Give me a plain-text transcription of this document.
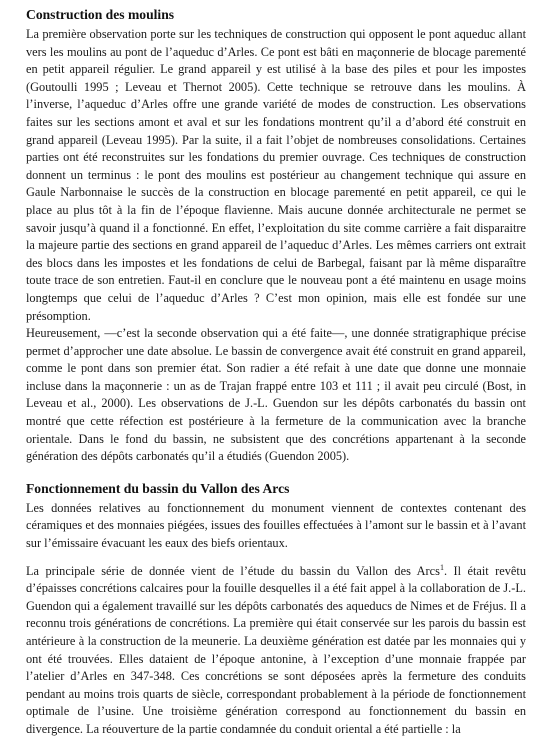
Construction des moulins

La première observation porte sur les techniques de construction qui opposent le pont aqueduc allant vers les moulins au pont de l’aqueduc d’Arles. Ce pont est bâti en maçonnerie de blocage parementé en petit appareil régulier. Le grand appareil y est utilisé à la base des piles et pour les impostes (Goutoulli 1995 ; Leveau et Thernot 2005). Cette technique se retrouve dans les moulins. À l’inverse, l’aqueduc d’Arles offre une grande variété de modes de construction. Les observations faites sur les sections amont et aval et sur les fondations montrent qu’il a d’abord été construit en grand appareil (Leveau 1995). Par la suite, il a fait l’objet de nombreuses consolidations. Certaines parties ont été reconstruites sur les fondations du premier ouvrage. Ces techniques de construction donnent un terminus : le pont des moulins est postérieur au changement technique qui assure en Gaule Narbonnaise le succès de la construction en blocage parementé en petit appareil, ce qui le place au plus tôt à la fin de l’époque flavienne. Mais aucune donnée architecturale ne permet se savoir jusqu’à quand il a fonctionné. En effet, l’exploitation du site comme carrière a fait disparaitre la majeure partie des sections en grand appareil de l’aqueduc d’Arles. Les mêmes carriers ont extrait des blocs dans les impostes et les fondations de celui de Barbegal, faisant par là même disparaître toute trace de son entretien. Faut-il en conclure que le nouveau pont a été maintenu en usage moins longtemps que celui de l’aqueduc d’Arles ? C’est mon opinion, mais elle est fondée sur une présomption.

Heureusement, —c’est la seconde observation qui a été faite—, une donnée stratigraphique précise permet d’approcher une date absolue. Le bassin de convergence avait été construit en grand appareil, comme le pont dans son premier état. Son radier a été refait à une date que donne une monnaie incluse dans la maçonnerie : un as de Trajan frappé entre 103 et 111 ; il avait peu circulé (Bost, in Leveau et al., 2000). Les observations de J.-L. Guendon sur les dépôts carbonatés du bassin ont montré que cette réfection est postérieure à la fermeture de la communication avec la branche orientale. Dans le fond du bassin, ne subsistent que des concrétions appartenant à la seconde génération des dépôts carbonatés qu’il a étudiés (Guendon 2005).

Fonctionnement du bassin du Vallon des Arcs

Les données relatives au fonctionnement du monument viennent de contextes contenant des céramiques et des monnaies piégées, issues des fouilles effectuées à l’amont sur le bassin et à l’avant sur l’émissaire évacuant les eaux des biefs orientaux.

La principale série de donnée vient de l’étude du bassin du Vallon des Arcs$^1$. Il était revêtu d’épaisses concrétions calcaires pour la fouille desquelles il a été fait appel à la collaboration de J.-L. Guendon qui a également travaillé sur les dépôts carbonatés des aqueducs de Nimes et de Fréjus. Il a reconnu trois générations de concrétions. La première qui était conservée sur les parois du bassin est antérieure à la construction de la meunerie. La deuxième génération est datée par les monnaies qui y ont été trouvées. Elles dataient de l’époque antonine, à l’exception d’une monnaie frappée par l’atelier d’Arles en 347-348. Ces concrétions se sont déposées après la fermeture des conduits pendant au moins trois quarts de siècle, correspondant probablement à la période de fonctionnement optimale de l’usine. Une troisième génération correspond au fonctionnement du bassin en divergence. La réouverture de la partie condamnée du conduit oriental a été partielle : la
